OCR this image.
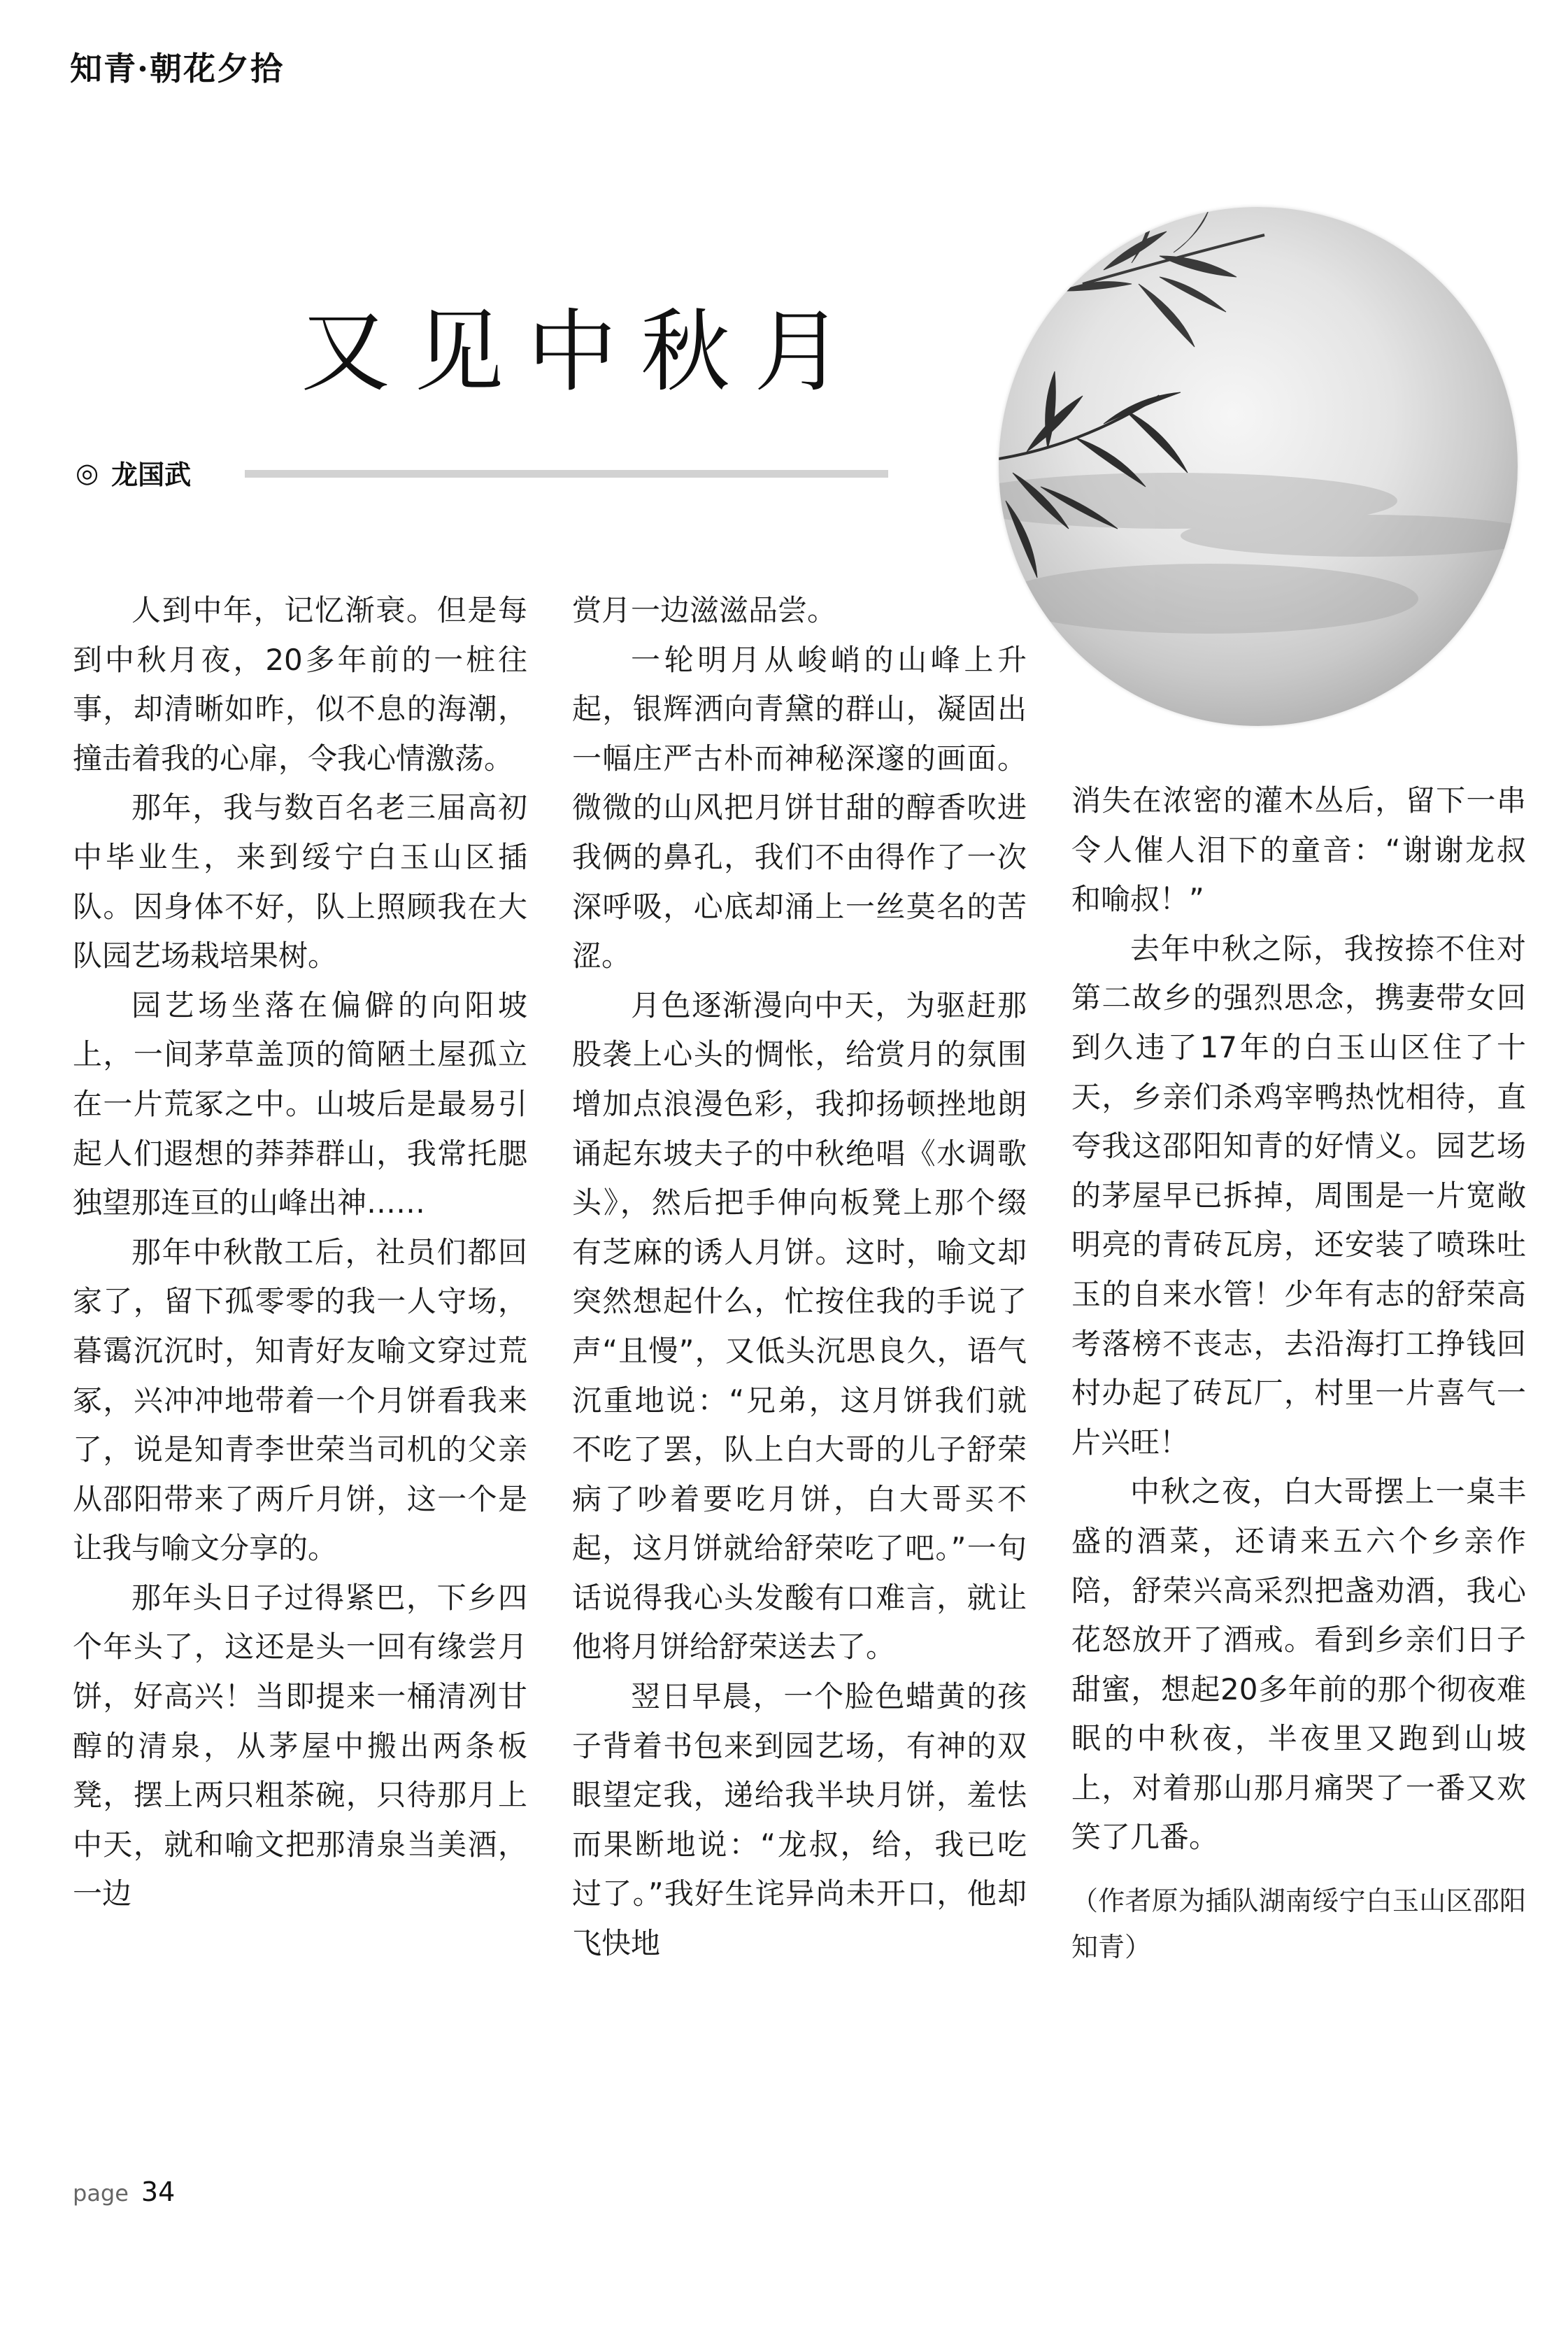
知青·朝花夕拾
又见中秋月
◎ 龙国武

人到中年，记忆渐衰。但是每到中秋月夜，20多年前的一桩往事，却清晰如昨，似不息的海潮，撞击着我的心扉，令我心情激荡。

那年，我与数百名老三届高初中毕业生，来到绥宁白玉山区插队。因身体不好，队上照顾我在大队园艺场栽培果树。

园艺场坐落在偏僻的向阳坡上，一间茅草盖顶的简陋土屋孤立在一片荒冢之中。山坡后是最易引起人们遐想的莽莽群山，我常托腮独望那连亘的山峰出神……

那年中秋散工后，社员们都回家了，留下孤零零的我一人守场，暮霭沉沉时，知青好友喻文穿过荒冢，兴冲冲地带着一个月饼看我来了，说是知青李世荣当司机的父亲从邵阳带来了两斤月饼，这一个是让我与喻文分享的。

那年头日子过得紧巴，下乡四个年头了，这还是头一回有缘尝月饼，好高兴！当即提来一桶清冽甘醇的清泉，从茅屋中搬出两条板凳，摆上两只粗茶碗，只待那月上中天，就和喻文把那清泉当美酒，一边

赏月一边滋滋品尝。

一轮明月从峻峭的山峰上升起，银辉洒向青黛的群山，凝固出一幅庄严古朴而神秘深邃的画面。微微的山风把月饼甘甜的醇香吹进我俩的鼻孔，我们不由得作了一次深呼吸，心底却涌上一丝莫名的苦涩。

月色逐渐漫向中天，为驱赶那股袭上心头的惆怅，给赏月的氛围增加点浪漫色彩，我抑扬顿挫地朗诵起东坡夫子的中秋绝唱《水调歌头》，然后把手伸向板凳上那个缀有芝麻的诱人月饼。这时，喻文却突然想起什么，忙按住我的手说了声“且慢”，又低头沉思良久，语气沉重地说：“兄弟，这月饼我们就不吃了罢，队上白大哥的儿子舒荣病了吵着要吃月饼，白大哥买不起，这月饼就给舒荣吃了吧。”一句话说得我心头发酸有口难言，就让他将月饼给舒荣送去了。

翌日早晨，一个脸色蜡黄的孩子背着书包来到园艺场，有神的双眼望定我，递给我半块月饼，羞怯而果断地说：“龙叔，给，我已吃过了。”我好生诧异尚未开口，他却飞快地

消失在浓密的灌木丛后，留下一串令人催人泪下的童音：“谢谢龙叔和喻叔！”

去年中秋之际，我按捺不住对第二故乡的强烈思念，携妻带女回到久违了17年的白玉山区住了十天，乡亲们杀鸡宰鸭热忱相待，直夸我这邵阳知青的好情义。园艺场的茅屋早已拆掉，周围是一片宽敞明亮的青砖瓦房，还安装了喷珠吐玉的自来水管！少年有志的舒荣高考落榜不丧志，去沿海打工挣钱回村办起了砖瓦厂，村里一片喜气一片兴旺！

中秋之夜，白大哥摆上一桌丰盛的酒菜，还请来五六个乡亲作陪，舒荣兴高采烈把盏劝酒，我心花怒放开了酒戒。看到乡亲们日子甜蜜，想起20多年前的那个彻夜难眠的中秋夜，半夜里又跑到山坡上，对着那山那月痛哭了一番又欢笑了几番。

（作者原为插队湖南绥宁白玉山区邵阳知青）

page 34
